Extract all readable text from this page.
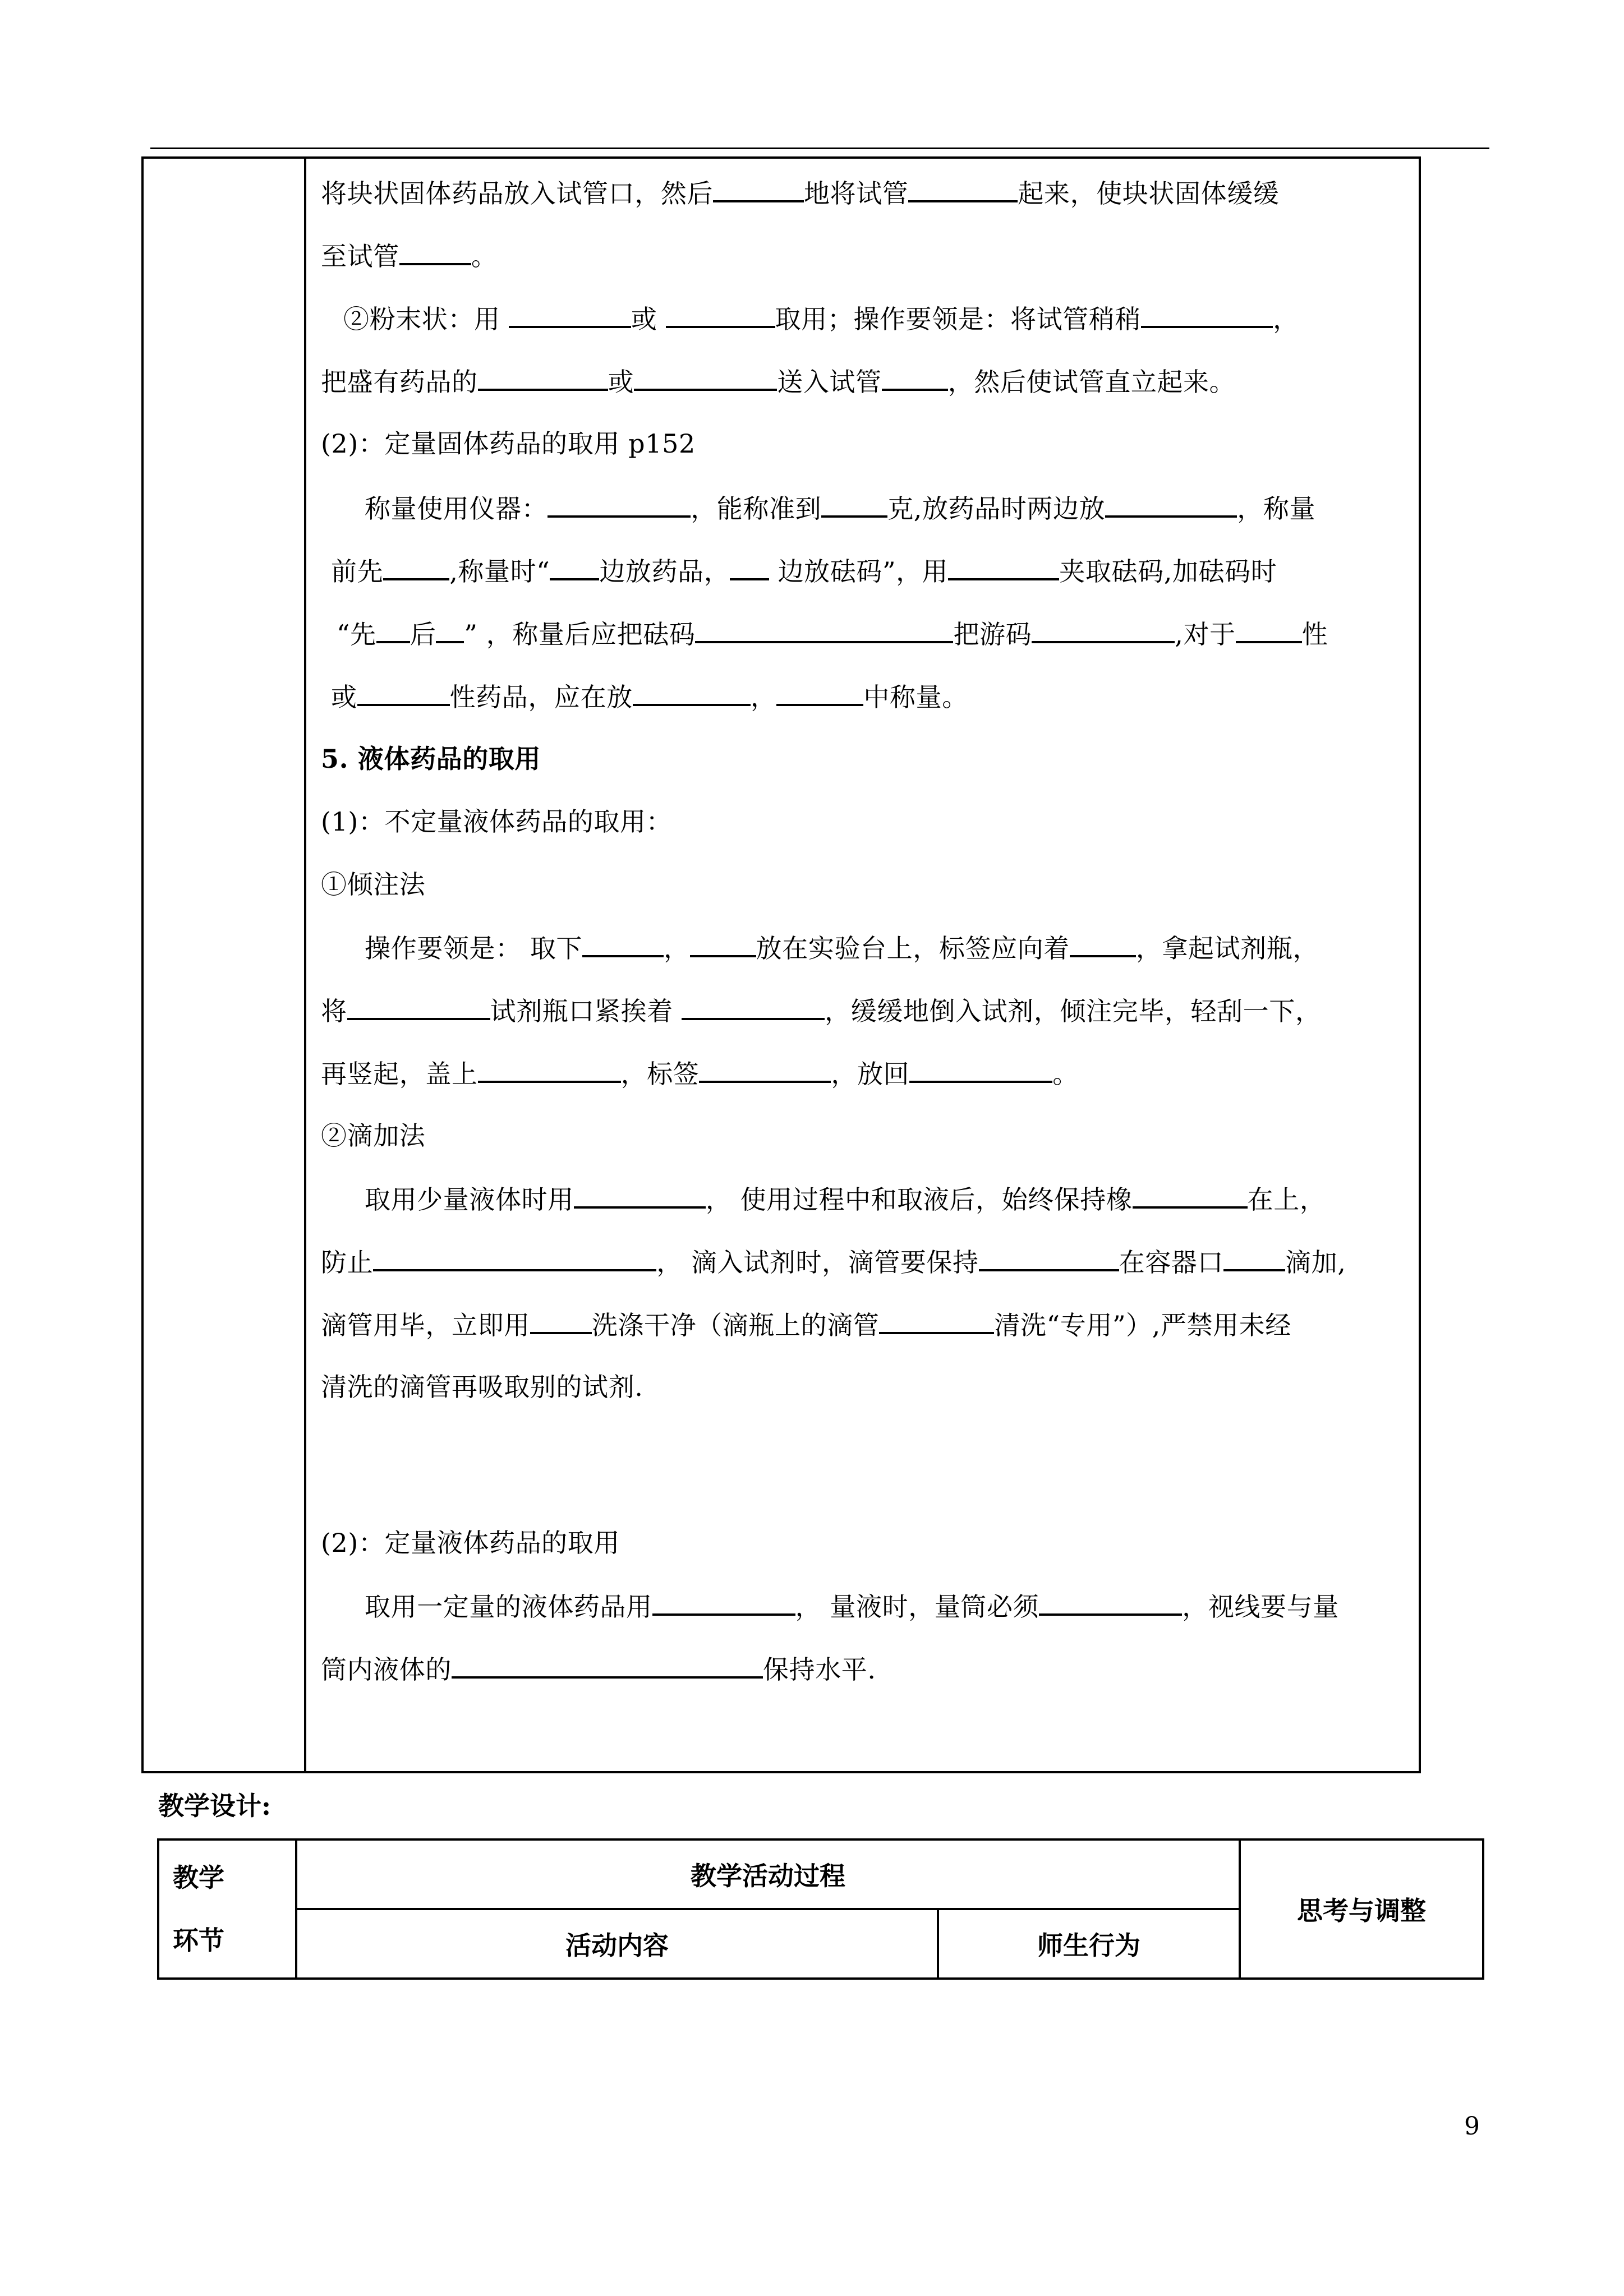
将块状固体药品放入试管口，然后	地将试管	起来，使块状固体缓缓
至试管	。
②粉末状：用	或	取用；操作要领是：将试管稍稍	，
把盛有药品的	或	送入试管	，然后使试管直立起来。
(2)：定量固体药品的取用 p152
称量使用仪器：	，能称准到	克,放药品时两边放	，称量
前先	,称量时“ 边放药品， 边放砝码”，用	夹取砝码,加砝码时
“先 后 ” ，称量后应把砝码	把游码	,对于	性
或	性药品，应在放	，	中称量。
5. 液体药品的取用
(1)：不定量液体药品的取用：
①倾注法
操作要领是： 取下	，	放在实验台上，标签应向着	，拿起试剂瓶，
将	试剂瓶口紧挨着	，缓缓地倒入试剂，倾注完毕，轻刮一下，
再竖起，盖上	，标签	，放回	。
②滴加法
取用少量液体时用	， 使用过程中和取液后，始终保持橡	在上，
防止	， 滴入试剂时，滴管要保持	在容器口 滴加,
滴管用毕，立即用 洗涤干净（滴瓶上的滴管	清洗“专用”）,严禁用未经
清洗的滴管再吸取别的试剂.
(2)：定量液体药品的取用
取用一定量的液体药品用	， 量液时，量筒必须	，视线要与量
筒内液体的	保持水平.
教学设计:
教学
环节	教学活动过程		思考与调整
	活动内容	师生行为	
9
